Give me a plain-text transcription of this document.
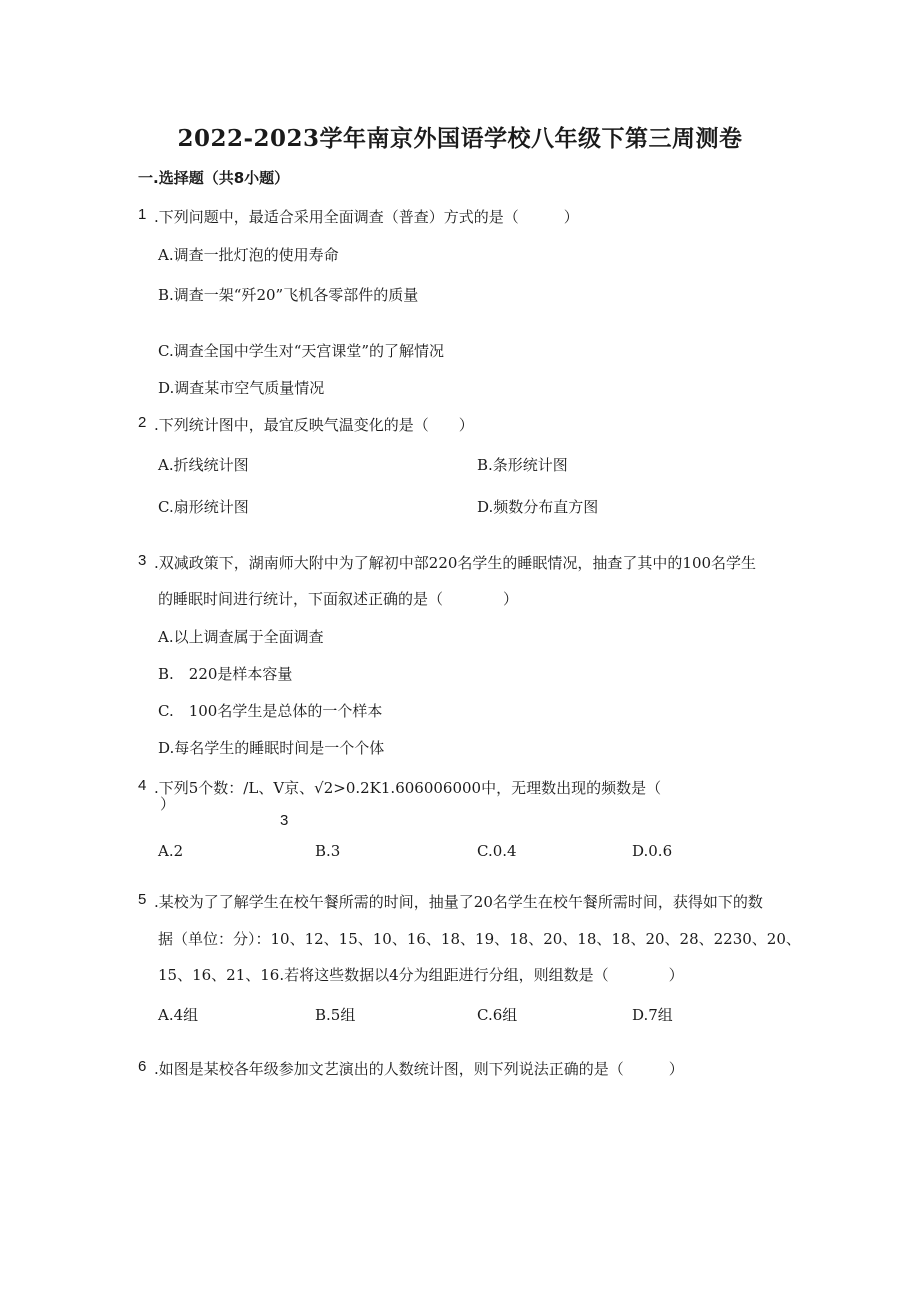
2022-2023学年南京外国语学校八年级下第三周测卷
一.选择题（共8小题）
1 .下列问题中，最适合采用全面调查（普查）方式的是（　　　）
A.调查一批灯泡的使用寿命
B.调查一架“歼20”飞机各零部件的质量
C.调查全国中学生对“天宫课堂”的了解情况
D.调查某市空气质量情况
2 .下列统计图中，最宜反映气温变化的是（　　）
A.折线统计图	B.条形统计图
C.扇形统计图	D.频数分布直方图
3 .双减政策下，湖南师大附中为了解初中部220名学生的睡眠情况，抽查了其中的100名学生
的睡眠时间进行统计，下面叙述正确的是（　　　　）
A.以上调查属于全面调查
B.　220是样本容量
C.　100名学生是总体的一个样本
D.每名学生的睡眠时间是一个个体
4 .下列5个数：/L、V京、√2>0.2K1.606006000中，无理数出现的频数是（
）
3
A.2	B.3	C.0.4	D.0.6
5 .某校为了了解学生在校午餐所需的时间，抽量了20名学生在校午餐所需时间，获得如下的数
据（单位：分）：10、12、15、10、16、18、19、18、20、18、18、20、28、2230、20、
15、16、21、16.若将这些数据以4分为组距进行分组，则组数是（　　　　）
A.4组	B.5组	C.6组	D.7组
6 .如图是某校各年级参加文艺演出的人数统计图，则下列说法正确的是（　　　）
